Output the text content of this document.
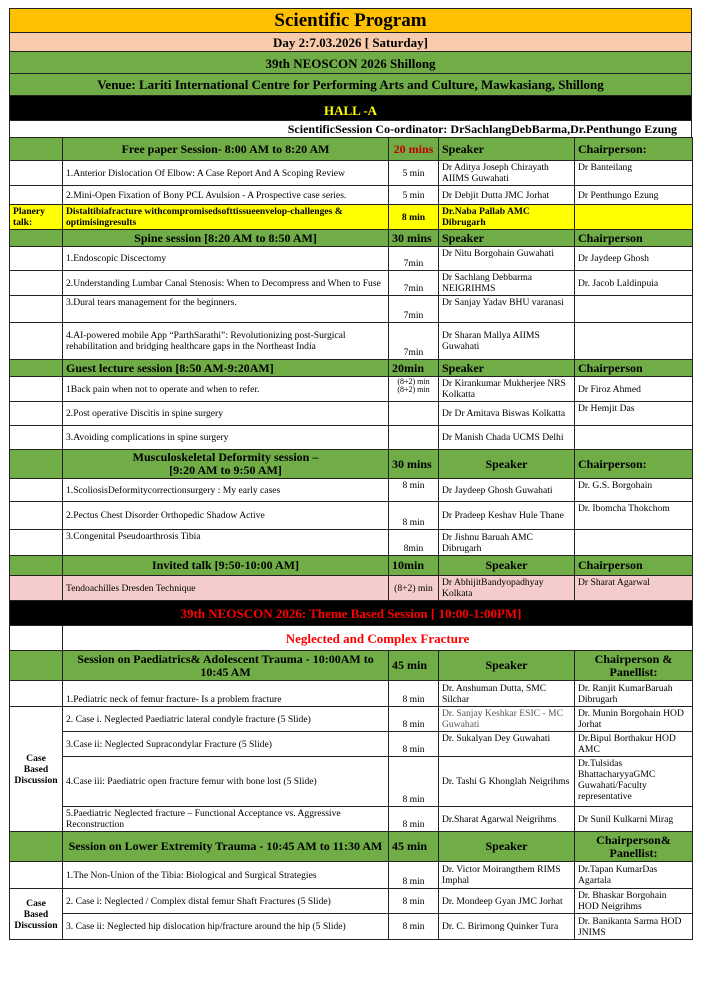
Scientific Program
Day 2:7.03.2026 [ Saturday]
39th NEOSCON 2026 Shillong
Venue: Lariti International Centre for Performing Arts and Culture, Mawkasiang, Shillong
HALL -A
ScientificSession Co-ordinator: DrSachlangDebBarma,Dr.Penthungo Ezung
	Free paper Session- 8:00 AM to 8:20 AM	20 mins	Speaker	Chairperson:
	1.Anterior Dislocation Of Elbow: A Case Report And A Scoping Review	5 min	Dr Aditya Joseph Chirayath AIIMS Guwahati	Dr Banteilang
	2.Mini-Open Fixation of Bony PCL Avulsion - A Prospective case series.	5 min	Dr Debjit Dutta JMC Jorhat	Dr Penthungo Ezung
Planery talk:	Distaltibiafracture withcompromisedsofttissueenvelop-challenges & optimisingresults	8 min	Dr.Naba Pallab AMC Dibrugarh	
	Spine session [8:20 AM to 8:50 AM]	30 mins	Speaker	Chairperson
	1.Endoscopic Discectomy	7min	Dr Nitu Borgohain Guwahati	Dr Jaydeep Ghosh
	2.Understanding Lumbar Canal Stenosis: When to Decompress and When to Fuse	7min	Dr Sachlang Debbarma NEIGRIHMS	Dr. Jacob Laldinpuia
	3.Dural tears management for the beginners.	7min	Dr Sanjay Yadav BHU varanasi	
	4.AI-powered mobile App “ParthSarathi”: Revolutionizing post-Surgical rehabilitation and bridging healthcare gaps in the Northeast India	7min	Dr Sharan Mallya AIIMS Guwahati	
	Guest lecture session [8:50 AM-9:20AM]	20min	Speaker	Chairperson
	1Back pain when not to operate and when to refer.	(8+2) min (8+2) min	Dr Kirankumar Mukherjee NRS Kolkatta	Dr Firoz Ahmed
	2.Post operative Discitis in spine surgery		Dr Dr Amitava Biswas Kolkatta	Dr Hemjit Das
	3.Avoiding complications in spine surgery		Dr Manish Chada UCMS Delhi	
	Musculoskeletal Deformity session –
[9:20 AM to 9:50 AM]	30 mins	Speaker	Chairperson:
	1.ScoliosisDeformitycorrectionsurgery : My early cases	8 min	Dr Jaydeep Ghosh Guwahati	Dr. G.S. Borgohain
	2.Pectus Chest Disorder Orthopedic Shadow Active	8 min	Dr Pradeep Keshav Hule Thane	Dr. Ibomcha Thokchom
	3.Congenital Pseudoarthrosis Tibia	8min	Dr Jishnu Baruah AMC Dibrugarh	
	Invited talk [9:50-10:00 AM]	10min	Speaker	Chairperson
	Tendoachilles Dresden Technique	(8+2) min	Dr AbhijitBandyopadhyay Kolkata	Dr Sharat Agarwal
39th NEOSCON 2026: Theme Based Session [ 10:00-1:00PM]				
	Neglected and Complex Fracture			
	Session on Paediatrics& Adolescent Trauma - 10:00AM to 10:45 AM	45 min	Speaker	Chairperson & Panellist:
	1.Pediatric neck of femur fracture- Is a problem fracture	8 min	Dr. Anshuman Dutta, SMC Silchar	Dr. Ranjit KumarBaruah Dibrugarh
Case Based Discussion	2. Case i. Neglected Paediatric lateral condyle fracture (5 Slide)	8 min	Dr. Sanjay Keshkar ESIC - MC Guwahati	Dr. Munin Borgohain HOD Jorhat
	3.Case ii: Neglected Supracondylar Fracture (5 Slide)	8 min	Dr. Sukalyan Dey Guwahati	Dr.Bipul Borthakur HOD AMC
	4.Case iii: Paediatric open fracture femur with bone lost (5 Slide)	8 min	Dr. Tashi G Khonglah Neigrihms	Dr.Tulsidas BhattacharyyaGMC Guwahati/Faculty representative
	5.Paediatric Neglected fracture – Functional Acceptance vs. Aggressive Reconstruction	8 min	Dr.Sharat Agarwal Neigrihms	Dr Sunil Kulkarni Mirag
	Session on Lower Extremity Trauma - 10:45 AM to 11:30 AM	45 min	Speaker	Chairperson& Panellist:
	1.The Non-Union of the Tibia: Biological and Surgical Strategies	8 min	Dr. Victor Moirangthem RIMS Imphal	Dr.Tapan KumarDas Agartala
Case Based Discussion	2. Case i: Neglected / Complex distal femur Shaft Fractures (5 Slide)	8 min	Dr. Mondeep Gyan JMC Jorhat	Dr. Bhaskar Borgohain HOD Neigrihms
	3. Case ii: Neglected hip dislocation hip/fracture around the hip (5 Slide)	8 min	Dr. C. Birimong Quinker Tura	Dr. Banikanta Sarma HOD JNIMS
